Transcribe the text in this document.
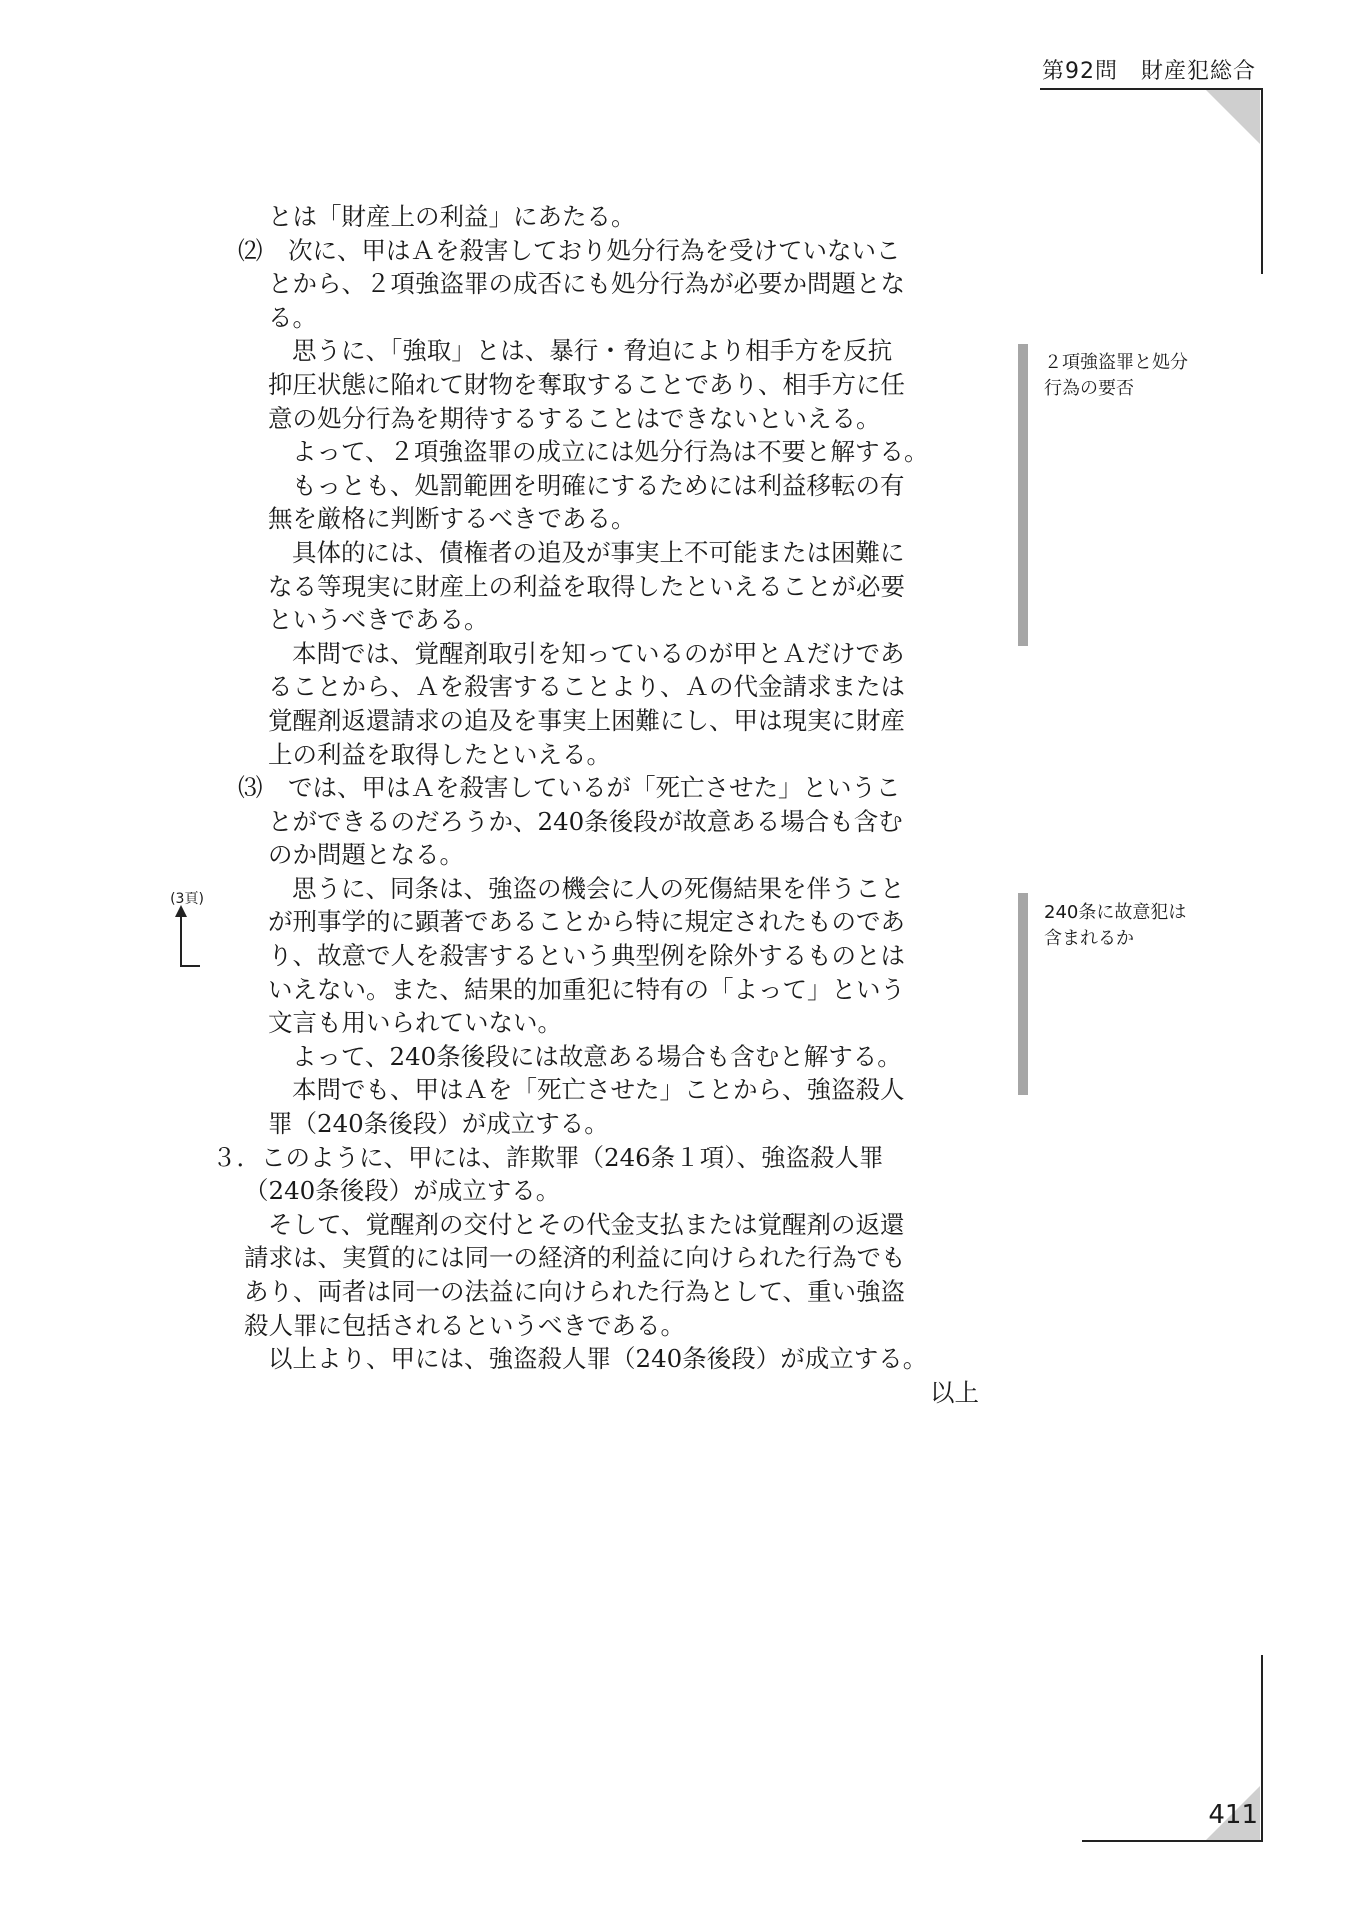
第92問　財産犯総合
２項強盗罪と処分
行為の要否
240条に故意犯は
含まれるか
(3頁)
とは「財産上の利益」にあたる。
⑵ 次に、甲はＡを殺害しており処分行為を受けていないこ
とから、２項強盗罪の成否にも処分行為が必要か問題とな
る。
思うに、「強取」とは、暴行・脅迫により相手方を反抗
抑圧状態に陥れて財物を奪取することであり、相手方に任
意の処分行為を期待するすることはできないといえる。
よって、２項強盗罪の成立には処分行為は不要と解する。
もっとも、処罰範囲を明確にするためには利益移転の有
無を厳格に判断するべきである。
具体的には、債権者の追及が事実上不可能または困難に
なる等現実に財産上の利益を取得したといえることが必要
というべきである。
本問では、覚醒剤取引を知っているのが甲とＡだけであ
ることから、Ａを殺害することより、Ａの代金請求または
覚醒剤返還請求の追及を事実上困難にし、甲は現実に財産
上の利益を取得したといえる。
⑶ では、甲はＡを殺害しているが「死亡させた」というこ
とができるのだろうか、240条後段が故意ある場合も含む
のか問題となる。
思うに、同条は、強盗の機会に人の死傷結果を伴うこと
が刑事学的に顕著であることから特に規定されたものであ
り、故意で人を殺害するという典型例を除外するものとは
いえない。また、結果的加重犯に特有の「よって」という
文言も用いられていない。
よって、240条後段には故意ある場合も含むと解する。
本問でも、甲はＡを「死亡させた」ことから、強盗殺人
罪（240条後段）が成立する。
３．このように、甲には、詐欺罪（246条１項）、強盗殺人罪
（240条後段）が成立する。
そして、覚醒剤の交付とその代金支払または覚醒剤の返還
請求は、実質的には同一の経済的利益に向けられた行為でも
あり、両者は同一の法益に向けられた行為として、重い強盗
殺人罪に包括されるというべきである。
以上より、甲には、強盗殺人罪（240条後段）が成立する。
以上
411
